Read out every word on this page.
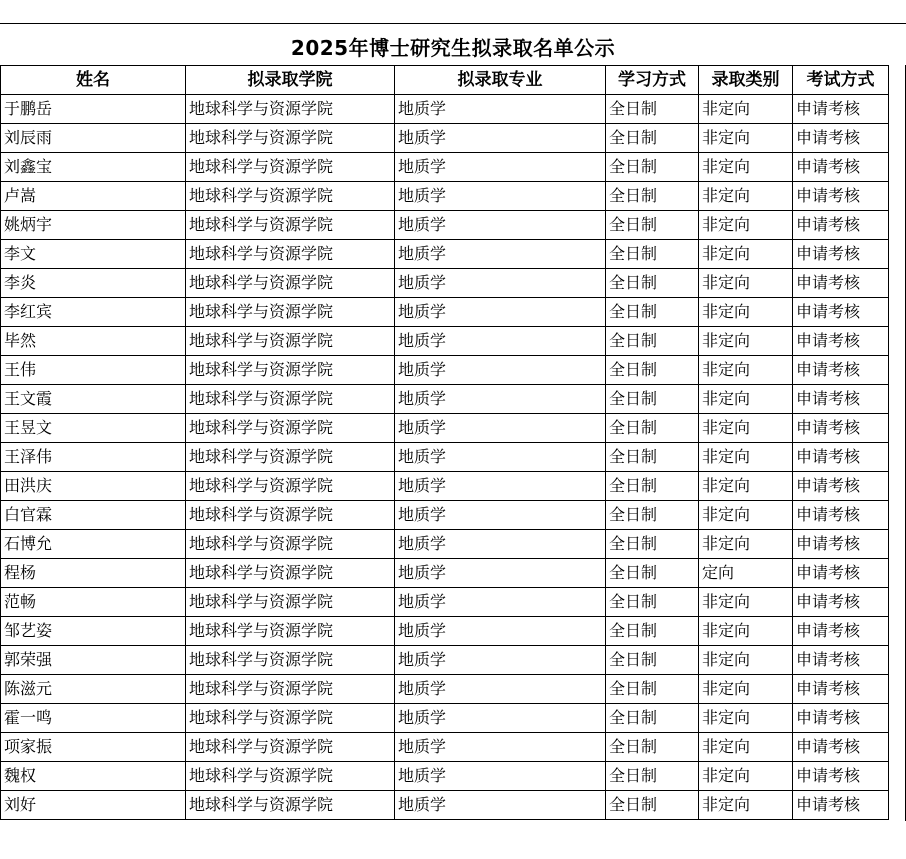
2025年博士研究生拟录取名单公示
姓名	拟录取学院	拟录取专业	学习方式	录取类别	考试方式
于鹏岳	地球科学与资源学院	地质学	全日制	非定向	申请考核
刘辰雨	地球科学与资源学院	地质学	全日制	非定向	申请考核
刘鑫宝	地球科学与资源学院	地质学	全日制	非定向	申请考核
卢嵩	地球科学与资源学院	地质学	全日制	非定向	申请考核
姚炳宇	地球科学与资源学院	地质学	全日制	非定向	申请考核
李文	地球科学与资源学院	地质学	全日制	非定向	申请考核
李炎	地球科学与资源学院	地质学	全日制	非定向	申请考核
李红宾	地球科学与资源学院	地质学	全日制	非定向	申请考核
毕然	地球科学与资源学院	地质学	全日制	非定向	申请考核
王伟	地球科学与资源学院	地质学	全日制	非定向	申请考核
王文霞	地球科学与资源学院	地质学	全日制	非定向	申请考核
王昱文	地球科学与资源学院	地质学	全日制	非定向	申请考核
王泽伟	地球科学与资源学院	地质学	全日制	非定向	申请考核
田洪庆	地球科学与资源学院	地质学	全日制	非定向	申请考核
白官霖	地球科学与资源学院	地质学	全日制	非定向	申请考核
石博允	地球科学与资源学院	地质学	全日制	非定向	申请考核
程杨	地球科学与资源学院	地质学	全日制	定向	申请考核
范畅	地球科学与资源学院	地质学	全日制	非定向	申请考核
邹艺姿	地球科学与资源学院	地质学	全日制	非定向	申请考核
郭荣强	地球科学与资源学院	地质学	全日制	非定向	申请考核
陈滋元	地球科学与资源学院	地质学	全日制	非定向	申请考核
霍一鸣	地球科学与资源学院	地质学	全日制	非定向	申请考核
项家振	地球科学与资源学院	地质学	全日制	非定向	申请考核
魏权	地球科学与资源学院	地质学	全日制	非定向	申请考核
刘好	地球科学与资源学院	地质学	全日制	非定向	申请考核
